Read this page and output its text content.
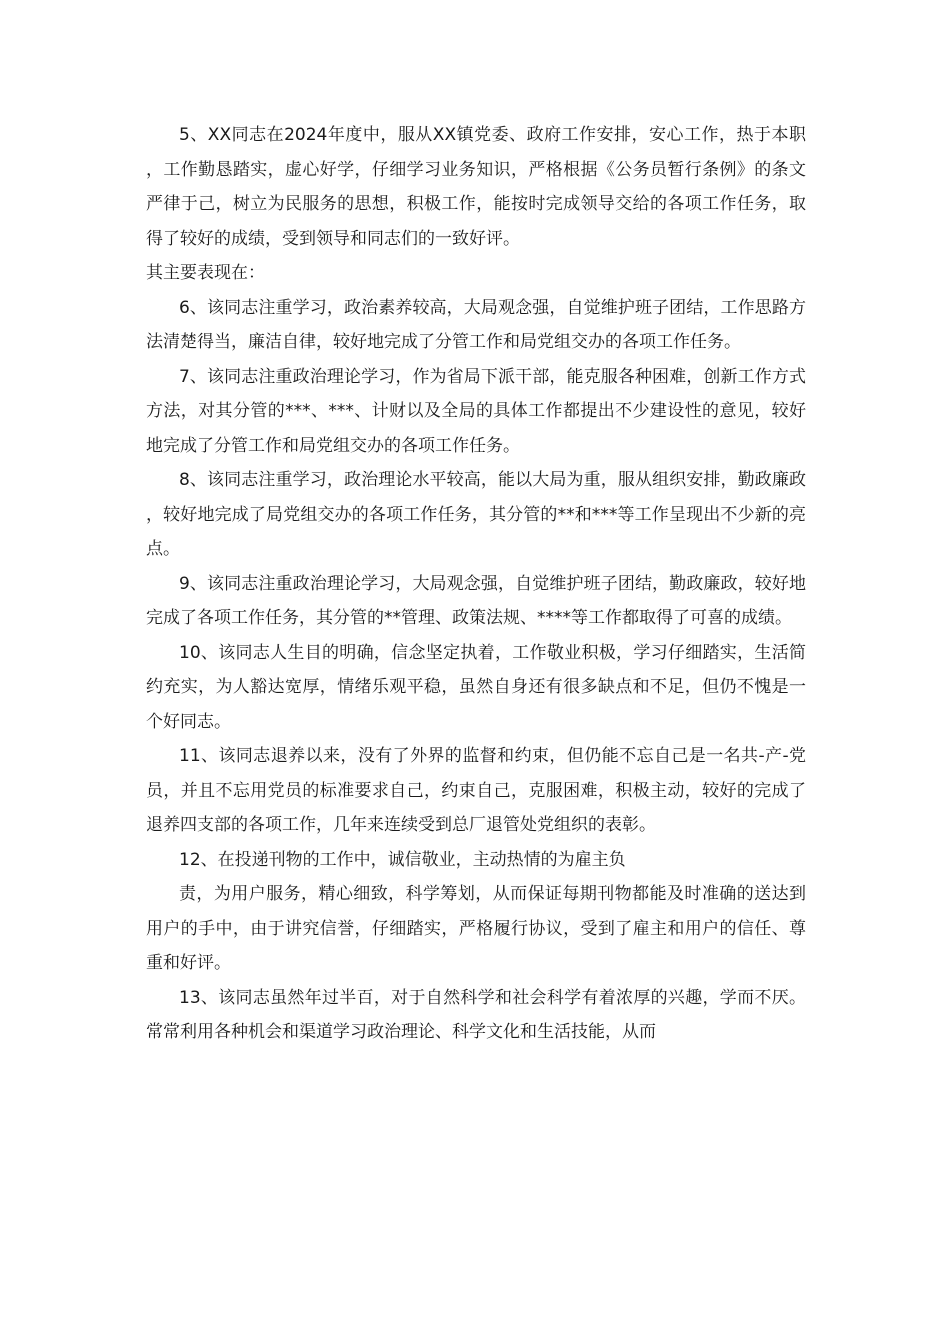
5、XX同志在2024年度中，服从XX镇党委、政府工作安排，安心工作，热于本职，工作勤恳踏实，虚心好学，仔细学习业务知识，严格根据《公务员暂行条例》的条文严律于己，树立为民服务的思想，积极工作，能按时完成领导交给的各项工作任务，取得了较好的成绩，受到领导和同志们的一致好评。

其主要表现在：

6、该同志注重学习，政治素养较高，大局观念强，自觉维护班子团结，工作思路方法清楚得当，廉洁自律，较好地完成了分管工作和局党组交办的各项工作任务。

7、该同志注重政治理论学习，作为省局下派干部，能克服各种困难，创新工作方式方法，对其分管的***、***、计财以及全局的具体工作都提出不少建设性的意见，较好地完成了分管工作和局党组交办的各项工作任务。

8、该同志注重学习，政治理论水平较高，能以大局为重，服从组织安排，勤政廉政，较好地完成了局党组交办的各项工作任务，其分管的**和***等工作呈现出不少新的亮点。

9、该同志注重政治理论学习，大局观念强，自觉维护班子团结，勤政廉政，较好地完成了各项工作任务，其分管的**管理、政策法规、****等工作都取得了可喜的成绩。

10、该同志人生目的明确，信念坚定执着，工作敬业积极，学习仔细踏实，生活简约充实，为人豁达宽厚，情绪乐观平稳，虽然自身还有很多缺点和不足，但仍不愧是一个好同志。

11、该同志退养以来，没有了外界的监督和约束，但仍能不忘自己是一名共-产-党员，并且不忘用党员的标准要求自己，约束自己，克服困难，积极主动，较好的完成了退养四支部的各项工作，几年来连续受到总厂退管处党组织的表彰。

12、在投递刊物的工作中，诚信敬业，主动热情的为雇主负

责，为用户服务，精心细致，科学筹划，从而保证每期刊物都能及时准确的送达到用户的手中，由于讲究信誉，仔细踏实，严格履行协议，受到了雇主和用户的信任、尊重和好评。

13、该同志虽然年过半百，对于自然科学和社会科学有着浓厚的兴趣，学而不厌。常常利用各种机会和渠道学习政治理论、科学文化和生活技能，从而
